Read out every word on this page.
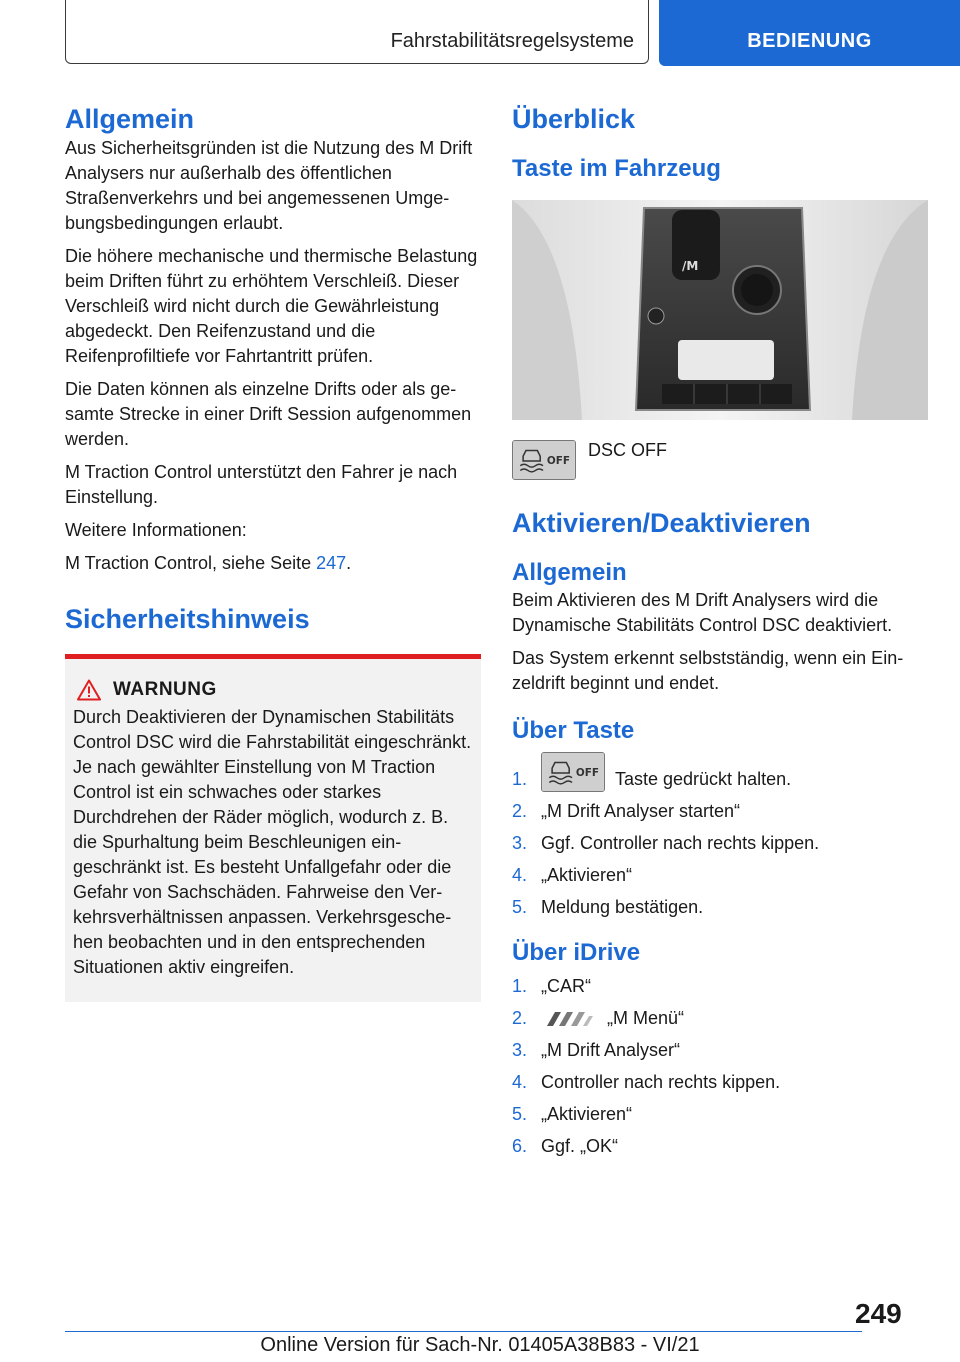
Fahrstabilitätsregelsysteme	BEDIENUNG
Allgemein

Aus Sicherheitsgründen ist die Nutzung des M Drift Analysers nur außerhalb des öffentlichen Straßenverkehrs und bei angemessenen Umgebungsbedingungen erlaubt.

Die höhere mechanische und thermische Belastung beim Driften führt zu erhöhtem Verschleiß. Dieser Verschleiß wird nicht durch die Gewährleistung abgedeckt. Den Reifenzustand und die Reifenprofiltiefe vor Fahrtantritt prüfen.

Die Daten können als einzelne Drifts oder als gesamte Strecke in einer Drift Session aufgenommen werden.

M Traction Control unterstützt den Fahrer je nach Einstellung.

Weitere Informationen:

M Traction Control, siehe Seite 247.

Sicherheitshinweis
WARNUNG

Durch Deaktivieren der Dynamischen Stabilitäts Control DSC wird die Fahrstabilität eingeschränkt. Je nach gewählter Einstellung von M Traction Control ist ein schwaches oder starkes Durchdrehen der Räder möglich, wodurch z. B. die Spurhaltung beim Beschleunigen eingeschränkt ist. Es besteht Unfallgefahr oder die Gefahr von Sachschäden. Fahrweise den Verkehrsverhältnissen anpassen. Verkehrsgeschehen beobachten und in den entsprechenden Situationen aktiv eingreifen.

Überblick
Taste im Fahrzeug
/M
OFF
DSC OFF
Aktivieren/Deaktivieren
Allgemein

Beim Aktivieren des M Drift Analysers wird die Dynamische Stabilitäts Control DSC deaktiviert.

Das System erkennt selbstständig, wenn ein Einzeldrift beginnt und endet.

Über Taste
1.	OFF Taste gedrückt halten.
2. „M Drift Analyser starten“
3. Ggf. Controller nach rechts kippen.
4. „Aktivieren“
5. Meldung bestätigen.
Über iDrive
1. „CAR“
2.	„M Menü“
3. „M Drift Analyser“
4. Controller nach rechts kippen.
5. „Aktivieren“
6. Ggf. „OK“
249
Online Version für Sach-Nr. 01405A38B83 - VI/21
